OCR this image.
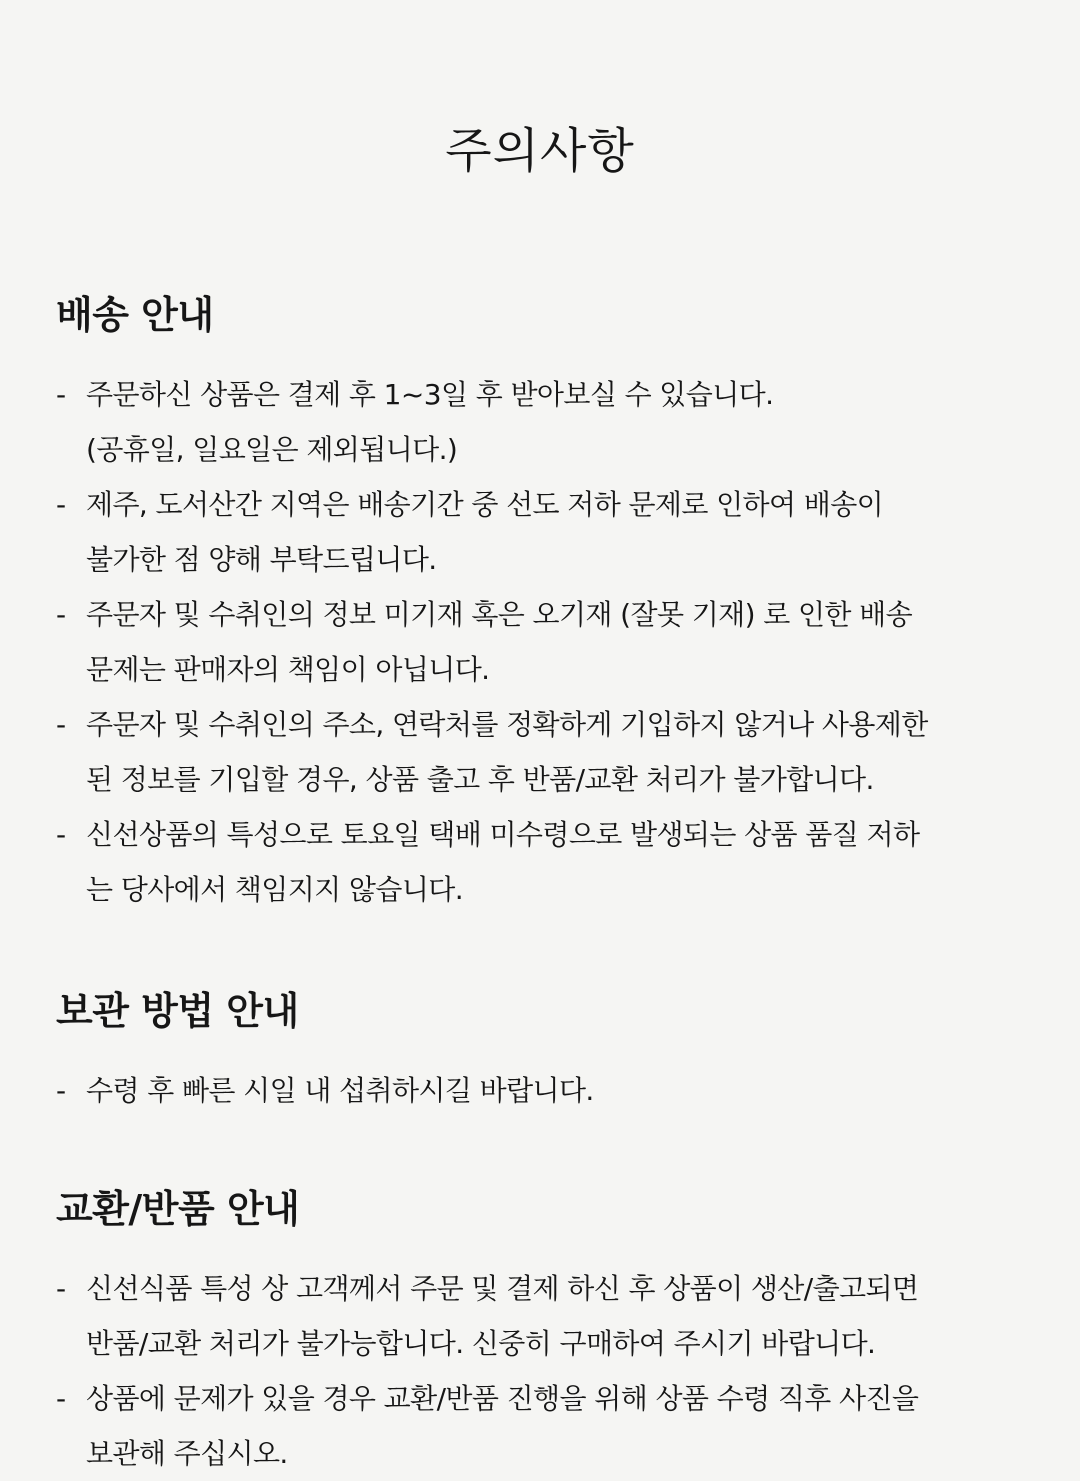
주의사항
배송 안내
- 주문하신 상품은 결제 후 1~3일 후 받아보실 수 있습니다.
(공휴일, 일요일은 제외됩니다.)
- 제주, 도서산간 지역은 배송기간 중 선도 저하 문제로 인하여 배송이
불가한 점 양해 부탁드립니다.
- 주문자 및 수취인의 정보 미기재 혹은 오기재 (잘못 기재) 로 인한 배송
문제는 판매자의 책임이 아닙니다.
- 주문자 및 수취인의 주소, 연락처를 정확하게 기입하지 않거나 사용제한
된 정보를 기입할 경우, 상품 출고 후 반품/교환 처리가 불가합니다.
- 신선상품의 특성으로 토요일 택배 미수령으로 발생되는 상품 품질 저하
는 당사에서 책임지지 않습니다.
보관 방법 안내
- 수령 후 빠른 시일 내 섭취하시길 바랍니다.
교환/반품 안내
- 신선식품 특성 상 고객께서 주문 및 결제 하신 후 상품이 생산/출고되면
반품/교환 처리가 불가능합니다. 신중히 구매하여 주시기 바랍니다.
- 상품에 문제가 있을 경우 교환/반품 진행을 위해 상품 수령 직후 사진을
보관해 주십시오.
